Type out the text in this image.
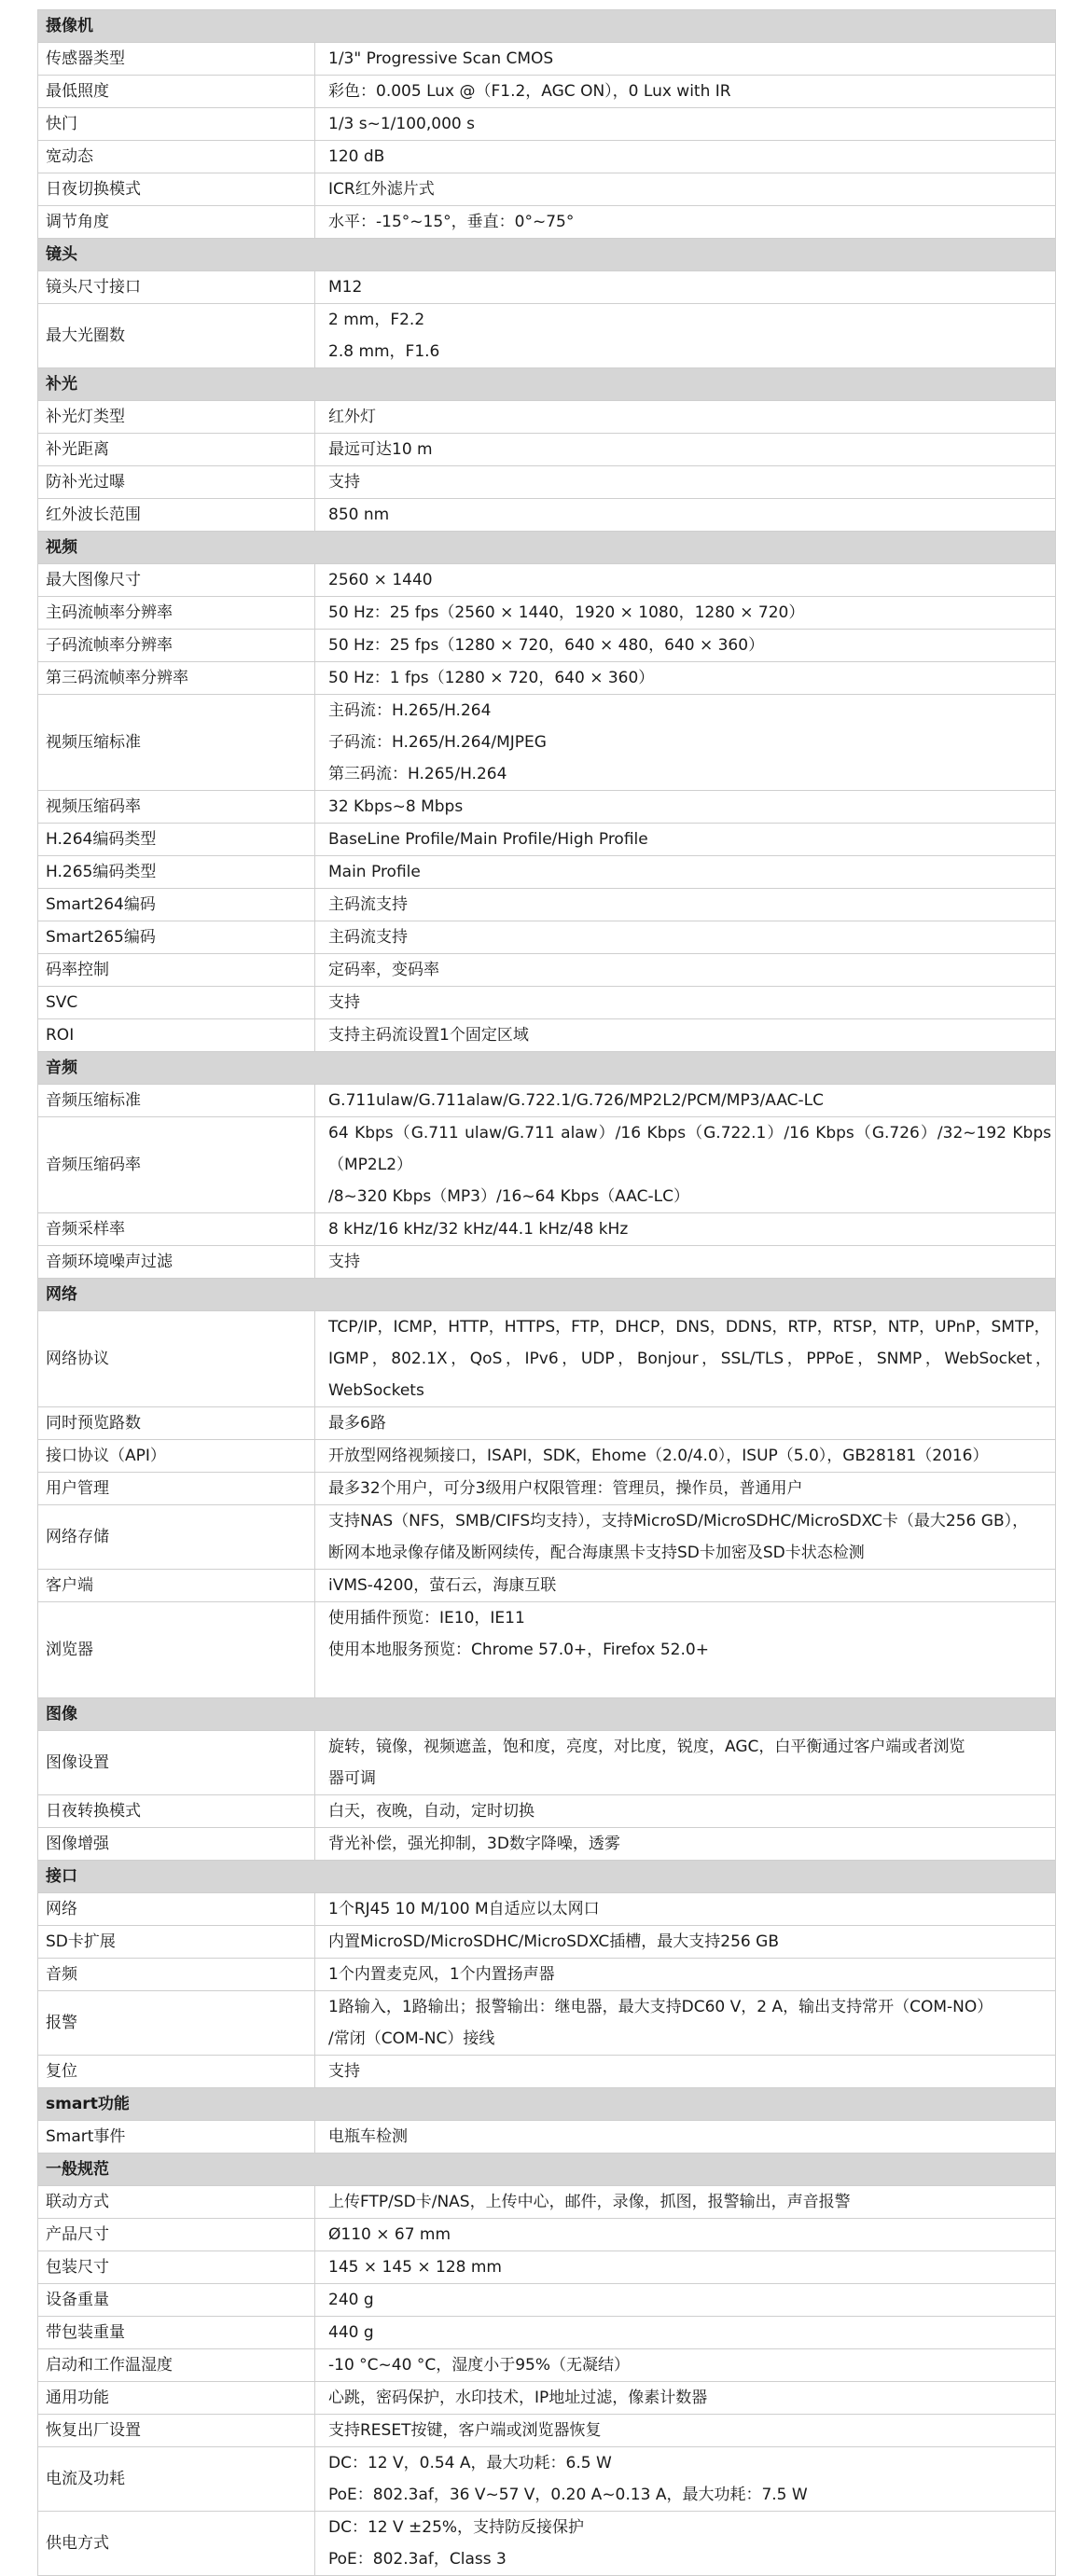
摄像机	
传感器类型	1/3" Progressive Scan CMOS

最低照度	彩色：0.005 Lux @（F1.2，AGC ON），0 Lux with IR

快门	1/3 s~1/100,000 s

宽动态	120 dB

日夜切换模式	ICR红外滤片式

调节角度	水平：-15°~15°，垂直：0°~75°

镜头	
镜头尺寸接口	M12

最大光圈数	2 mm，F2.2
2.8 mm，F1.6

补光	
补光灯类型	红外灯

补光距离	最远可达10 m

防补光过曝	支持

红外波长范围	850 nm

视频	
最大图像尺寸	2560 × 1440

主码流帧率分辨率	50 Hz：25 fps（2560 × 1440，1920 × 1080，1280 × 720）

子码流帧率分辨率	50 Hz：25 fps（1280 × 720，640 × 480，640 × 360）

第三码流帧率分辨率	50 Hz：1 fps（1280 × 720，640 × 360）

视频压缩标准	主码流：H.265/H.264
子码流：H.265/H.264/MJPEG
第三码流：H.265/H.264

视频压缩码率	32 Kbps~8 Mbps

H.264编码类型	BaseLine Profile/Main Profile/High Profile

H.265编码类型	Main Profile

Smart264编码	主码流支持

Smart265编码	主码流支持

码率控制	定码率，变码率

SVC	支持

ROI	支持主码流设置1个固定区域

音频	
音频压缩标准	G.711ulaw/G.711alaw/G.722.1/G.726/MP2L2/PCM/MP3/AAC-LC

音频压缩码率	64 Kbps（G.711 ulaw/G.711 alaw）/16 Kbps（G.722.1）/16 Kbps（G.726）/32~192 Kbps（MP2L2）
/8~320 Kbps（MP3）/16~64 Kbps（AAC-LC）

音频采样率	8 kHz/16 kHz/32 kHz/44.1 kHz/48 kHz

音频环境噪声过滤	支持

网络	
网络协议	TCP/IP，ICMP，HTTP，HTTPS，FTP，DHCP，DNS，DDNS，RTP，RTSP，NTP，UPnP，SMTP，
IGMP，802.1X，QoS，IPv6，UDP，Bonjour，SSL/TLS，PPPoE，SNMP，WebSocket，WebSockets

同时预览路数	最多6路

接口协议（API）	开放型网络视频接口，ISAPI，SDK，Ehome（2.0/4.0），ISUP（5.0），GB28181（2016）

用户管理	最多32个用户，可分3级用户权限管理：管理员，操作员，普通用户

网络存储	支持NAS（NFS，SMB/CIFS均支持），支持MicroSD/MicroSDHC/MicroSDXC卡（最大256 GB），
断网本地录像存储及断网续传，配合海康黑卡支持SD卡加密及SD卡状态检测

客户端	iVMS-4200，萤石云，海康互联

浏览器	使用插件预览：IE10，IE11
使用本地服务预览：Chrome 57.0+，Firefox 52.0+

图像	
图像设置	旋转，镜像，视频遮盖，饱和度，亮度，对比度，锐度，AGC，白平衡通过客户端或者浏览
器可调

日夜转换模式	白天，夜晚，自动，定时切换

图像增强	背光补偿，强光抑制，3D数字降噪，透雾

接口	
网络	1个RJ45 10 M/100 M自适应以太网口

SD卡扩展	内置MicroSD/MicroSDHC/MicroSDXC插槽，最大支持256 GB

音频	1个内置麦克风，1个内置扬声器

报警	1路输入，1路输出；报警输出：继电器，最大支持DC60 V，2 A，输出支持常开（COM-NO）
/常闭（COM-NC）接线

复位	支持

smart功能	
Smart事件	电瓶车检测

一般规范	
联动方式	上传FTP/SD卡/NAS，上传中心，邮件，录像，抓图，报警输出，声音报警

产品尺寸	Ø110 × 67 mm

包装尺寸	145 × 145 × 128 mm

设备重量	240 g

带包装重量	440 g

启动和工作温湿度	-10 °C~40 °C，湿度小于95%（无凝结）

通用功能	心跳，密码保护，水印技术，IP地址过滤，像素计数器

恢复出厂设置	支持RESET按键，客户端或浏览器恢复

电流及功耗	DC：12 V，0.54 A，最大功耗：6.5 W
PoE：802.3af，36 V~57 V，0.20 A~0.13 A，最大功耗：7.5 W

供电方式	DC：12 V ±25%，支持防反接保护
PoE：802.3af，Class 3
